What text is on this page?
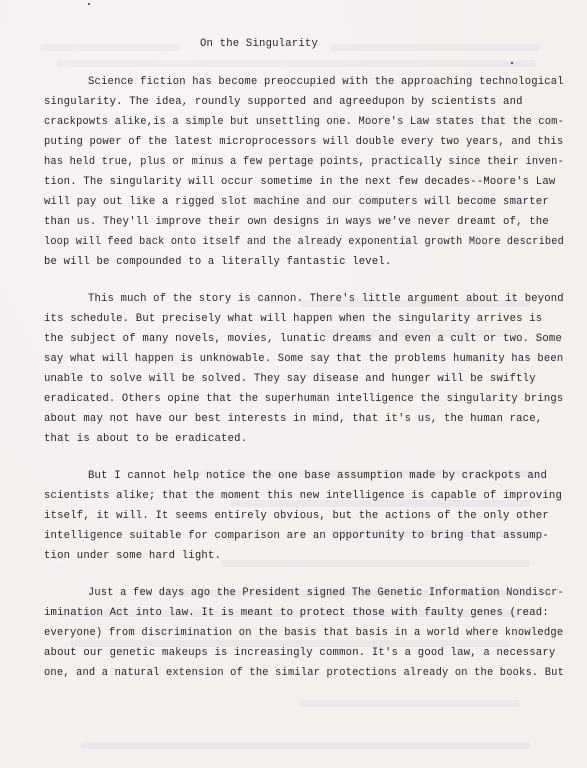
On the Singularity
Science fiction has become preoccupied with the approaching technological
singularity. The idea, roundly supported and agreedupon by scientists and
crackpowts alike,is a simple but unsettling one. Moore's Law states that the com-
puting power of the latest microprocessors will double every two years, and this
has held true, plus or minus a few pertage points, practically since their inven-
tion. The singularity will occur sometime in the next few decades--Moore's Law
will pay out like a rigged slot machine and our computers will become smarter
than us. They'll improve their own designs in ways we've never dreamt of, the
loop will feed back onto itself and the already exponential growth Moore described
be will be compounded to a literally fantastic level.
This much of the story is cannon. There's little argument about it beyond
its schedule. But precisely what will happen when the singularity arrives is
the subject of many novels, movies, lunatic dreams and even a cult or two. Some
say what will happen is unknowable. Some say that the problems humanity has been
unable to solve will be solved. They say disease and hunger will be swiftly
eradicated. Others opine that the superhuman intelligence the singularity brings
about may not have our best interests in mind, that it's us, the human race,
that is about to be eradicated.
But I cannot help notice the one base assumption made by crackpots and
scientists alike; that the moment this new intelligence is capable of improving
itself, it will. It seems entirely obvious, but the actions of the only other
intelligence suitable for comparison are an opportunity to bring that assump-
tion under some hard light.
Just a few days ago the President signed The Genetic Information Nondiscr-
imination Act into law. It is meant to protect those with faulty genes (read:
everyone) from discrimination on the basis that basis in a world where knowledge
about our genetic makeups is increasingly common. It's a good law, a necessary
one, and a natural extension of the similar protections already on the books. But
